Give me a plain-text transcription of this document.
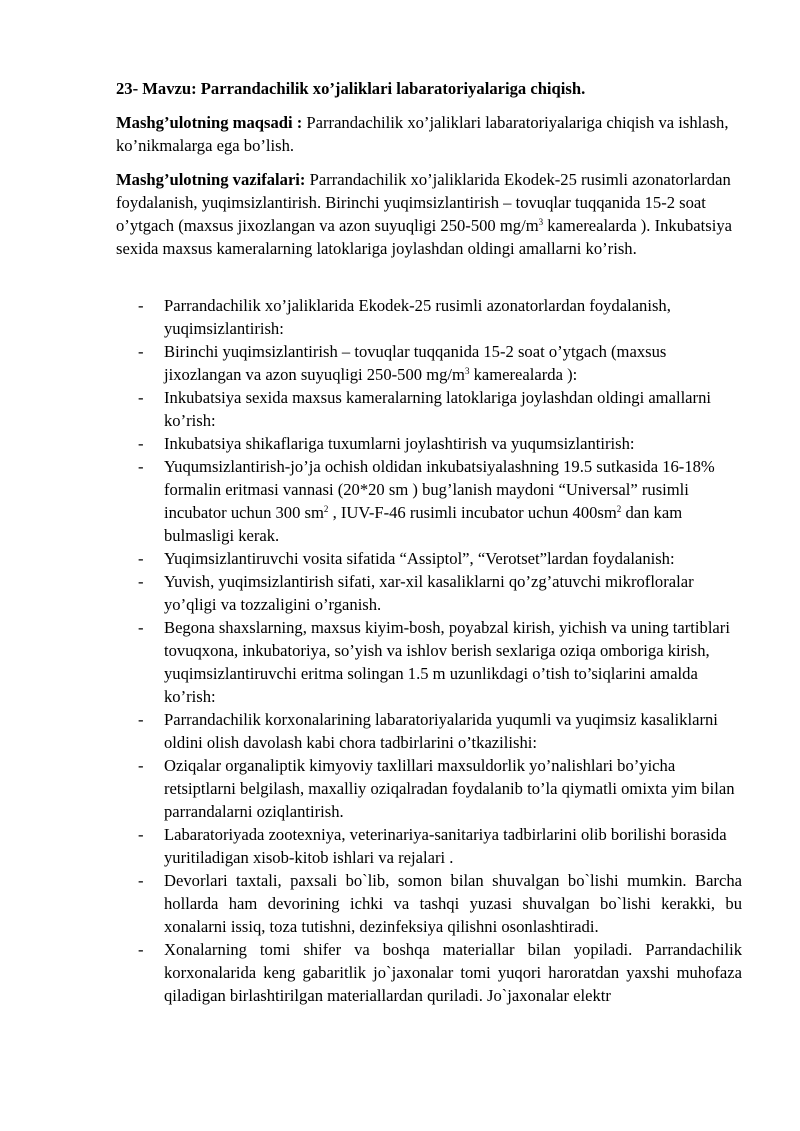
23- Mavzu: Parrandachilik xo’jaliklari labaratoriyalariga chiqish.

Mashg’ulotning maqsadi : Parrandachilik xo’jaliklari labaratoriyalariga chiqish va ishlash, ko’nikmalarga ega bo’lish.

Mashg’ulotning vazifalari: Parrandachilik xo’jaliklarida Ekodek-25 rusimli azonatorlardan foydalanish, yuqimsizlantirish. Birinchi yuqimsizlantirish – tovuqlar tuqqanida 15-2 soat o’ytgach (maxsus jixozlangan va azon suyuqligi 250-500 $mg/m^3$ kamerealarda ). Inkubatsiya sexida maxsus kameralarning latoklariga joylashdan oldingi amallarni ko’rish.

- Parrandachilik xo’jaliklarida Ekodek-25 rusimli azonatorlardan foydalanish, yuqimsizlantirish:
- Birinchi yuqimsizlantirish – tovuqlar tuqqanida 15-2 soat o’ytgach (maxsus jixozlangan va azon suyuqligi 250-500 $mg/m^3$ kamerealarda ):
- Inkubatsiya sexida maxsus kameralarning latoklariga joylashdan oldingi amallarni ko’rish:
- Inkubatsiya shikaflariga tuxumlarni joylashtirish va yuqumsizlantirish:
- Yuqumsizlantirish-jo’ja ochish oldidan inkubatsiyalashning 19.5 sutkasida 16-18% formalin eritmasi vannasi (20*20 sm ) bug’lanish maydoni “Universal” rusimli incubator uchun 300 $sm^2$ , IUV-F-46 rusimli incubator uchun $400sm^2$ dan kam bulmasligi kerak.
- Yuqimsizlantiruvchi vosita sifatida “Assiptol”, “Verotset”lardan foydalanish:
- Yuvish, yuqimsizlantirish sifati, xar-xil kasaliklarni qo’zg’atuvchi mikrofloralar yo’qligi va tozzaligini o’rganish.
- Begona shaxslarning, maxsus kiyim-bosh, poyabzal kirish, yichish va uning tartiblari tovuqxona, inkubatoriya, so’yish va ishlov berish sexlariga oziqa omboriga kirish, yuqimsizlantiruvchi eritma solingan 1.5 m uzunlikdagi o’tish to’siqlarini amalda ko’rish:
- Parrandachilik korxonalarining labaratoriyalarida yuqumli va yuqimsiz kasaliklarni oldini olish davolash kabi chora tadbirlarini o’tkazilishi:
- Oziqalar organaliptik kimyoviy taxlillari maxsuldorlik yo’nalishlari bo’yicha retsiptlarni belgilash, maxalliy oziqalradan foydalanib to’la qiymatli omixta yim bilan parrandalarni oziqlantirish.
- Labaratoriyada zootexniya, veterinariya-sanitariya tadbirlarini olib borilishi borasida yuritiladigan xisob-kitob ishlari va rejalari .
- Devorlari taxtali, paxsali bo`lib, somon bilan shuvalgan bo`lishi mumkin. Barcha hollarda ham devorining ichki va tashqi yuzasi shuvalgan bo`lishi kerakki, bu xonalarni issiq, toza tutishni, dezinfeksiya qilishni osonlashtiradi.
- Xonalarning tomi shifer va boshqa materiallar bilan yopiladi. Parrandachilik korxonalarida keng gabaritlik jo`jaxonalar tomi yuqori haroratdan yaxshi muhofaza qiladigan birlashtirilgan materiallardan quriladi. Jo`jaxonalar elektr
